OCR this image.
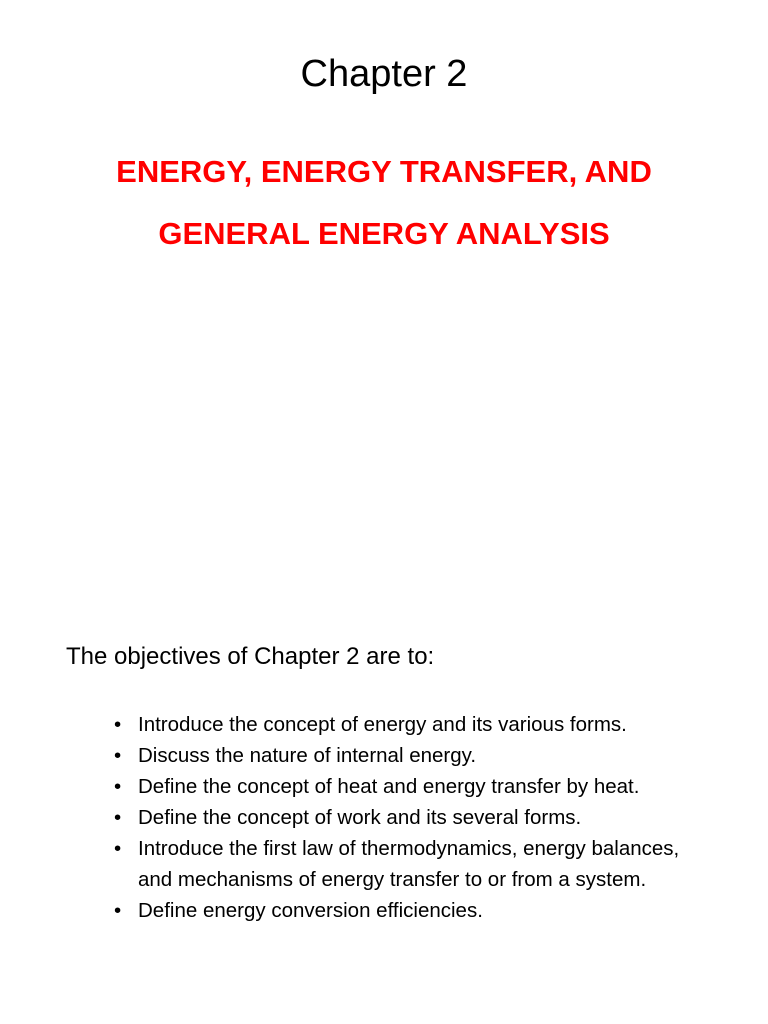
Chapter 2
ENERGY, ENERGY TRANSFER, AND
GENERAL ENERGY ANALYSIS
The objectives of Chapter 2 are to:
• Introduce the concept of energy and its various forms.
• Discuss the nature of internal energy.
• Define the concept of heat and energy transfer by heat.
• Define the concept of work and its several forms.
• Introduce the first law of thermodynamics, energy balances, and mechanisms of energy transfer to or from a system.
• Define energy conversion efficiencies.
